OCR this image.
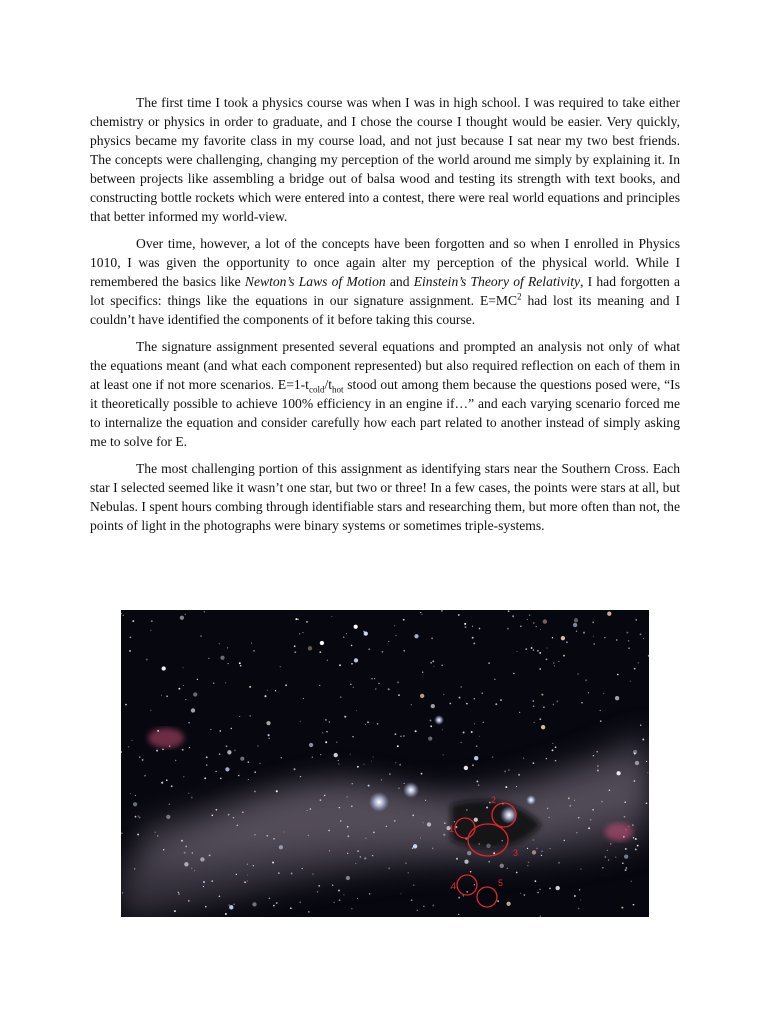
The first time I took a physics course was when I was in high school. I was required to take either chemistry or physics in order to graduate, and I chose the course I thought would be easier. Very quickly, physics became my favorite class in my course load, and not just because I sat near my two best friends. The concepts were challenging, changing my perception of the world around me simply by explaining it. In between projects like assembling a bridge out of balsa wood and testing its strength with text books, and constructing bottle rockets which were entered into a contest, there were real world equations and principles that better informed my world-view.

Over time, however, a lot of the concepts have been forgotten and so when I enrolled in Physics 1010, I was given the opportunity to once again alter my perception of the physical world. While I remembered the basics like Newton’s Laws of Motion and Einstein’s Theory of Relativity, I had forgotten a lot specifics: things like the equations in our signature assignment. $E=MC^2$ had lost its meaning and I couldn’t have identified the components of it before taking this course.

The signature assignment presented several equations and prompted an analysis not only of what the equations meant (and what each component represented) but also required reflection on each of them in at least one if not more scenarios. $E=1-t_{cold}/t_{hot}$ stood out among them because the questions posed were, “Is it theoretically possible to achieve 100% efficiency in an engine if…” and each varying scenario forced me to internalize the equation and consider carefully how each part related to another instead of simply asking me to solve for E.

The most challenging portion of this assignment as identifying stars near the Southern Cross. Each star I selected seemed like it wasn’t one star, but two or three! In a few cases, the points were stars at all, but Nebulas. I spent hours combing through identifiable stars and researching them, but more often than not, the points of light in the photographs were binary systems or sometimes triple-systems.

1
2
3
4	5
